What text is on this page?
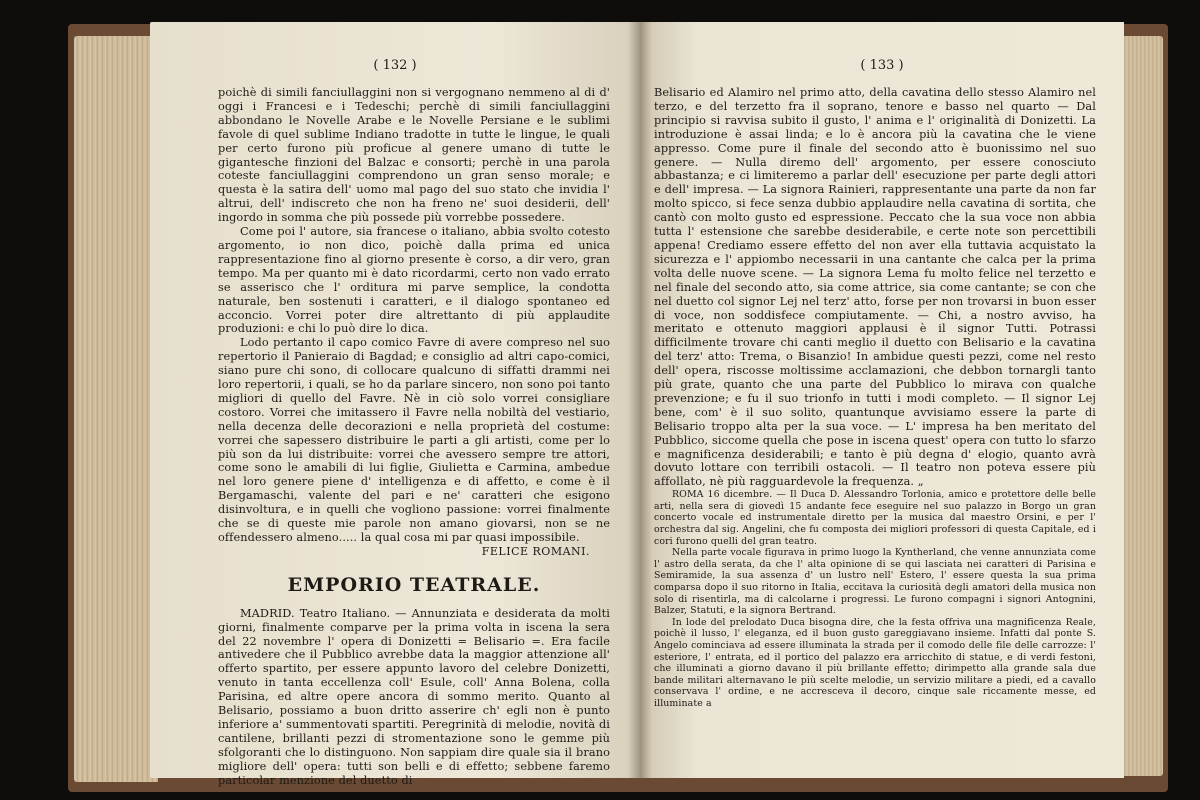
( 132 )

poichè di simili fanciullaggini non si vergognano nemmeno al di d' oggi i Francesi e i Tedeschi; perchè di simili fanciullaggini abbondano le Novelle Arabe e le Novelle Persiane e le sublimi favole di quel sublime Indiano tradotte in tutte le lingue, le quali per certo furono più proficue al genere umano di tutte le gigantesche finzioni del Balzac e consorti; perchè in una parola coteste fanciullaggini comprendono un gran senso morale; e questa è la satira dell' uomo mal pago del suo stato che invidia l' altrui, dell' indiscreto che non ha freno ne' suoi desiderii, dell' ingordo in somma che più possede più vorrebbe possedere.

Come poi l' autore, sia francese o italiano, abbia svolto cotesto argomento, io non dico, poichè dalla prima ed unica rappresentazione fino al giorno presente è corso, a dir vero, gran tempo. Ma per quanto mi è dato ricordarmi, certo non vado errato se asserisco che l' orditura mi parve semplice, la condotta naturale, ben sostenuti i caratteri, e il dialogo spontaneo ed acconcio. Vorrei poter dire altrettanto di più applaudite produzioni: e chi lo può dire lo dica.

Lodo pertanto il capo comico Favre di avere compreso nel suo repertorio il Panieraio di Bagdad; e consiglio ad altri capo-comici, siano pure chi sono, di collocare qualcuno di siffatti drammi nei loro repertorii, i quali, se ho da parlare sincero, non sono poi tanto migliori di quello del Favre. Nè in ciò solo vorrei consigliare costoro. Vorrei che imitassero il Favre nella nobiltà del vestiario, nella decenza delle decorazioni e nella proprietà del costume: vorrei che sapessero distribuire le parti a gli artisti, come per lo più son da lui distribuite: vorrei che avessero sempre tre attori, come sono le amabili di lui figlie, Giulietta e Carmina, ambedue nel loro genere piene d' intelligenza e di affetto, e come è il Bergamaschi, valente del pari e ne' caratteri che esigono disinvoltura, e in quelli che vogliono passione: vorrei finalmente che se di queste mie parole non amano giovarsi, non se ne offendessero almeno..... la qual cosa mi par quasi impossibile.

FELICE ROMANI.

EMPORIO TEATRALE.

MADRID. Teatro Italiano. — Annunziata e desiderata da molti giorni, finalmente comparve per la prima volta in iscena la sera del 22 novembre l' opera di Donizetti = Belisario =. Era facile antivedere che il Pubblico avrebbe data la maggior attenzione all' offerto spartito, per essere appunto lavoro del celebre Donizetti, venuto in tanta eccellenza coll' Esule, coll' Anna Bolena, colla Parisina, ed altre opere ancora di sommo merito. Quanto al Belisario, possiamo a buon dritto asserire ch' egli non è punto inferiore a' summentovati spartiti. Peregrinità di melodie, novità di cantilene, brillanti pezzi di stromentazione sono le gemme più sfolgoranti che lo distinguono. Non sappiam dire quale sia il brano migliore dell' opera: tutti son belli e di effetto; sebbene faremo particolar menzione del duetto di

( 133 )

Belisario ed Alamiro nel primo atto, della cavatina dello stesso Alamiro nel terzo, e del terzetto fra il soprano, tenore e basso nel quarto — Dal principio si ravvisa subito il gusto, l' anima e l' originalità di Donizetti. La introduzione è assai linda; e lo è ancora più la cavatina che le viene appresso. Come pure il finale del secondo atto è buonissimo nel suo genere. — Nulla diremo dell' argomento, per essere conosciuto abbastanza; e ci limiteremo a parlar dell' esecuzione per parte degli attori e dell' impresa. — La signora Rainieri, rappresentante una parte da non far molto spicco, si fece senza dubbio applaudire nella cavatina di sortita, che cantò con molto gusto ed espressione. Peccato che la sua voce non abbia tutta l' estensione che sarebbe desiderabile, e certe note son percettibili appena! Crediamo essere effetto del non aver ella tuttavia acquistato la sicurezza e l' appiombo necessarii in una cantante che calca per la prima volta delle nuove scene. — La signora Lema fu molto felice nel terzetto e nel finale del secondo atto, sia come attrice, sia come cantante; se con che nel duetto col signor Lej nel terz' atto, forse per non trovarsi in buon esser di voce, non soddisfece compiutamente. — Chi, a nostro avviso, ha meritato e ottenuto maggiori applausi è il signor Tutti. Potrassi difficilmente trovare chi canti meglio il duetto con Belisario e la cavatina del terz' atto: Trema, o Bisanzio! In ambidue questi pezzi, come nel resto dell' opera, riscosse moltissime acclamazioni, che debbon tornargli tanto più grate, quanto che una parte del Pubblico lo mirava con qualche prevenzione; e fu il suo trionfo in tutti i modi completo. — Il signor Lej bene, com' è il suo solito, quantunque avvisiamo essere la parte di Belisario troppo alta per la sua voce. — L' impresa ha ben meritato del Pubblico, siccome quella che pose in iscena quest' opera con tutto lo sfarzo e magnificenza desiderabili; e tanto è più degna d' elogio, quanto avrà dovuto lottare con terribili ostacoli. — Il teatro non poteva essere più affollato, nè più ragguardevole la frequenza. „

ROMA 16 dicembre. — Il Duca D. Alessandro Torlonia, amico e protettore delle belle arti, nella sera di giovedì 15 andante fece eseguire nel suo palazzo in Borgo un gran concerto vocale ed instrumentale diretto per la musica dal maestro Orsini, e per l' orchestra dal sig. Angelini, che fu composta dei migliori professori di questa Capitale, ed i cori furono quelli del gran teatro.

Nella parte vocale figurava in primo luogo la Kyntherland, che venne annunziata come l' astro della serata, da che l' alta opinione di se qui lasciata nei caratteri di Parisina e Semiramide, la sua assenza d' un lustro nell' Estero, l' essere questa la sua prima comparsa dopo il suo ritorno in Italia, eccitava la curiosità degli amatori della musica non solo di risentirla, ma di calcolarne i progressi. Le furono compagni i signori Antognini, Balzer, Statuti, e la signora Bertrand.

In lode del prelodato Duca bisogna dire, che la festa offriva una magnificenza Reale, poichè il lusso, l' eleganza, ed il buon gusto gareggiavano insieme. Infatti dal ponte S. Angelo cominciava ad essere illuminata la strada per il comodo delle file delle carrozze: l' esteriore, l' entrata, ed il portico del palazzo era arricchito di statue, e di verdi festoni, che illuminati a giorno davano il più brillante effetto; dirimpetto alla grande sala due bande militari alternavano le più scelte melodie, un servizio militare a piedi, ed a cavallo conservava l' ordine, e ne accresceva il decoro, cinque sale riccamente messe, ed illuminate a
